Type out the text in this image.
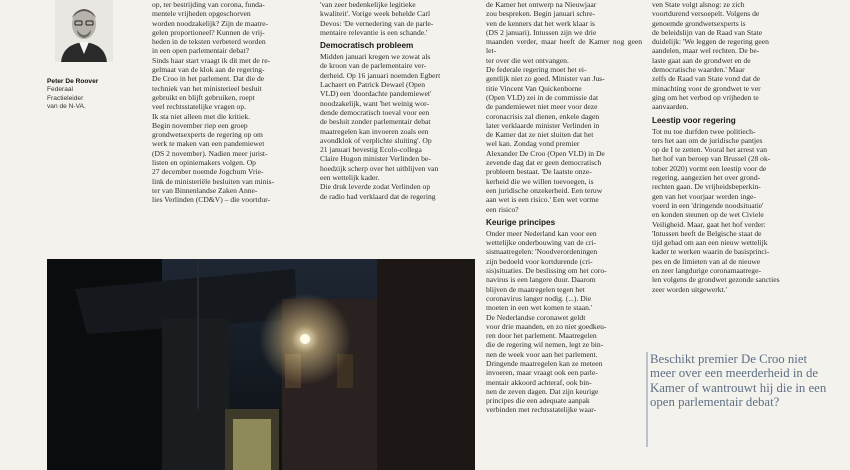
Peter De Roover
Federaal
Fractieleider
van de N-VA.

op, ter bestrijding van corona, funda-

mentele vrijheden opgeschorven

worden noodzakelijk? Zijn de maatre-

gelen proportioneel? Kunnen de vrij-

heden in de teksten verbeterd worden

in een open parlementair debat?

Sinds haar start vraagt ik dit met de re-

gelmaat van de klok aan de regering-

De Croo in het parlement. Dat die de

techniek van het ministerieel besluit

gebruikt en blijft gebruiken, roept

veel rechtsstatelijke vragen op.

Ik sta niet alleen met die kritiek.

Begin november riep een groep

grondwetsexperts de regering op om

werk te maken van een pandemiewet

(DS 2 november). Nadien meer jurist-

listen en opiniemakers volgen. Op

27 december noemde Jogchum Vrie-

link de ministeriële besluiten van minis-

ter van Binnenlandse Zaken Anne-

lies Verlinden (CD&V) – die voortdur-

'van zeer bedenkelijke legitieke

kwaliteit'. Vorige week behelde Carl

Devos: 'De vernedering van de parle-

mentaire relevantie is een schande.'

Democratisch probleem

Midden januari kregen we zowat als

de kroon van de parlementaire ver-

derheid. Op 16 januari noemden Egbert

Lachaert en Patrick Dewael (Open

VLD) een 'doordachte pandemiewet'

noodzakelijk, want 'het weinig wor-

dende democratisch toeval voor een

de besluit zonder parlementair debat

maatregelen kan invoeren zoals een

avondklok of verplichte sluiting'. Op

21 januari bevestig Ecolo-collega

Claire Hugon minister Verlinden be-

hoedzijk scherp over het uitblijven van

een wettelijk kader.

Die druk leverde zodat Verlinden op

de radio had verklaard dat de regering

de Kamer het ontwerp na Nieuwjaar

zou bespreken. Begin januari schre-

ven de kenners dat het werk klaar is

(DS 2 januari). Intussen zijn we drie

maanden verder, maar heeft de Kamer nog geen let-

ter over die wet ontvangen.

De federale regering moet het ei-

gentlijk niet zo goed. Minister van Jus-

titie Vincent Van Quickenborne

(Open VLD) zei in de commissie dat

de pandemiewet niet meer voor deze

coronacrisis zal dienen, enkele dagen

later verklaarde minister Verlinden in

de Kamer dat ze niet sluiten dat het

wel kan. Zondag vond premier

Alexander De Croo (Open VLD) in De

zevende dag dat er geen democratisch

probleem bestaat. 'De laatste onze-

kerheid die we willen toevoegen, is

een juridische onzekerheid. Een teruw

aan wet is een risico.' Een wet vorme

een risico?

Keurige principes

Onder meer Nederland kan voor een

wettelijke onderbouwing van de cri-

sismaatregelen: 'Noodverordeningen

zijn bedoeld voor kortdurende (cri-

sis)situaties. De beslissing om het coro-

navirus is een langere duur. Daarom

blijven de maatregelen tegen het

coronavirus langer nodig. (...). Die

moeten in een wet komen te staan.'

De Nederlandse coronawet geldt

voor drie maanden, en zo niet goedkeu-

ren door het parlement. Maatregelen

die de regering wil nemen, legt ze bin-

nen de week voor aan het parlement.

Dringende maatregelen kan ze meteen

invoeren, maar vraagt ook een parle-

mentair akkoord achteraf, ook bin-

nen de zeven dagen. Dat zijn keurige

principes die een adequate aanpak

verbinden met rechtsstatelijke waar-

ven State volgt alsnog: ze zich

voortdurend versoepelt. Volgens de

genoemde grondwetsexperts is

de beleidslijn van de Raad van State

duidelijk: 'We leggen de regering geen

aandelen, maar wel rechten. De be-

laste gaat aan de grondwet en de

democratische waarden.' Maar

zelfs de Raad van State vond dat de

minachting voor de grondwet te ver

ging om het verbod op vrijheden te

aanvaarden.

Leestip voor regering

Tot nu toe durfden twee politiech-

ters het aan om de juridische pantjes

op de I te zetten. Vooral het arrest van

het hof van beroep van Brussel (28 ok-

tober 2020) vormt een leestip voor de

regering, aangezien het over grond-

rechten gaan. De vrijheidsbeperkin-

gen van het voorjaar werden inge-

voerd in een 'dringende noodsituatie'

en konden steunen op de wet Civiele

Veiligheid. Maar, gaat het hof verder:

'Intussen heeft de Belgische staat de

tijd gehad om aan een nieuw wettelijk

kader te werken waarin de basisprinci-

pes en de limieten van al de nieuwe

en zeer langdurige coronamaatrege-

len volgens de grondwet gezonde sancties

zeer worden uitgewerkt.'

Beschikt premier De Croo niet meer over een meerderheid in de Kamer of wantrouwt hij die in een open parlementair debat?
